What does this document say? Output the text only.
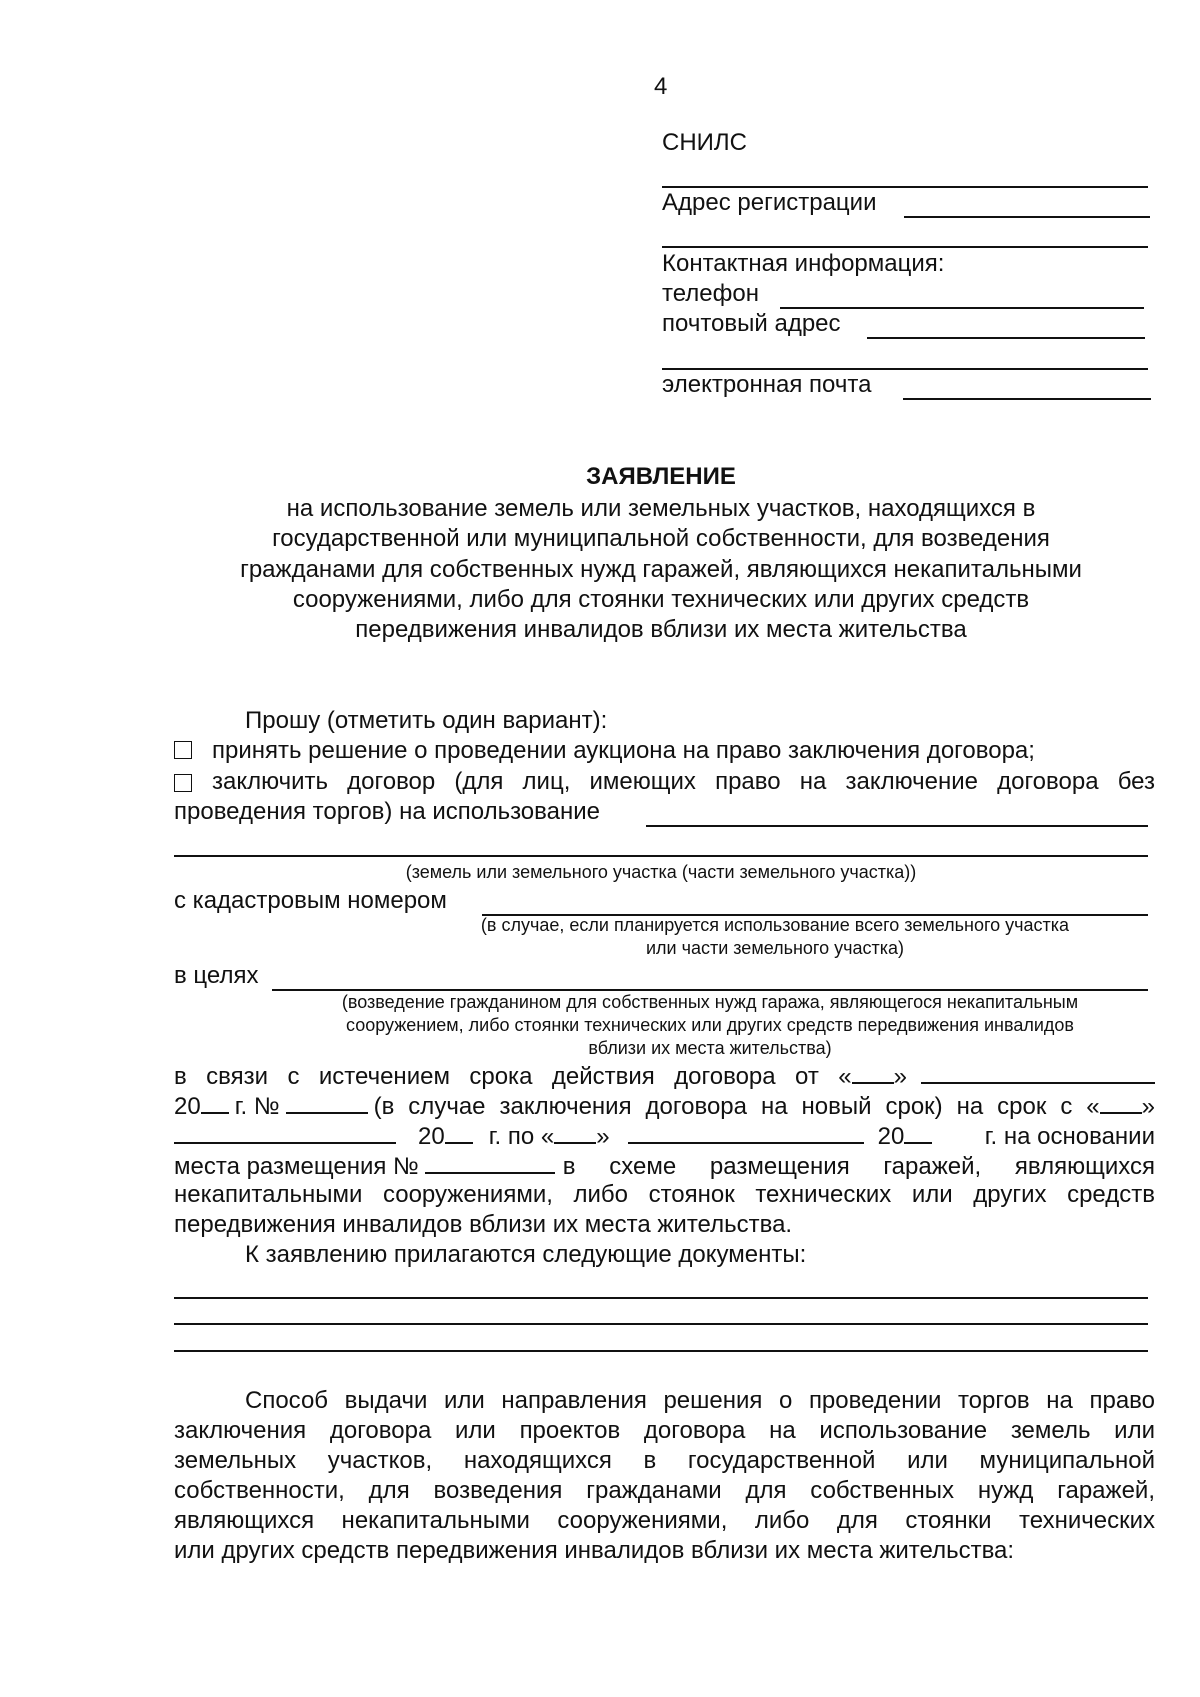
4
СНИЛС
Адрес регистрации
Контактная информация:
телефон
почтовый адрес
электронная почта
ЗАЯВЛЕНИЕ
на использование земель или земельных участков, находящихся в
государственной или муниципальной собственности, для возведения
гражданами для собственных нужд гаражей, являющихся некапитальными
сооружениями, либо для стоянки технических или других средств
передвижения инвалидов вблизи их места жительства
Прошу (отметить один вариант):
принять решение о проведении аукциона на право заключения договора;
заключить договор (для лиц, имеющих право на заключение договора без
проведения торгов) на использование
(земель или земельного участка (части земельного участка))
с кадастровым номером
(в случае, если планируется использование всего земельного участка
или части земельного участка)
в целях
(возведение гражданином для собственных нужд гаража, являющегося некапитальным
сооружением, либо стоянки технических или других средств передвижения инвалидов
вблизи их места жительства)
в связи с истечением срока действия договора от « »
20 г. №	(в случае заключения договора на новый срок) на срок с « »
20 г. по « »	20	г. на основании
места размещения №	в схеме размещения гаражей, являющихся
некапитальными сооружениями, либо стоянок технических или других средств
передвижения инвалидов вблизи их места жительства.
К заявлению прилагаются следующие документы:
Способ выдачи или направления решения о проведении торгов на право
заключения договора или проектов договора на использование земель или
земельных участков, находящихся в государственной или муниципальной
собственности, для возведения гражданами для собственных нужд гаражей,
являющихся некапитальными сооружениями, либо для стоянки технических
или других средств передвижения инвалидов вблизи их места жительства:
